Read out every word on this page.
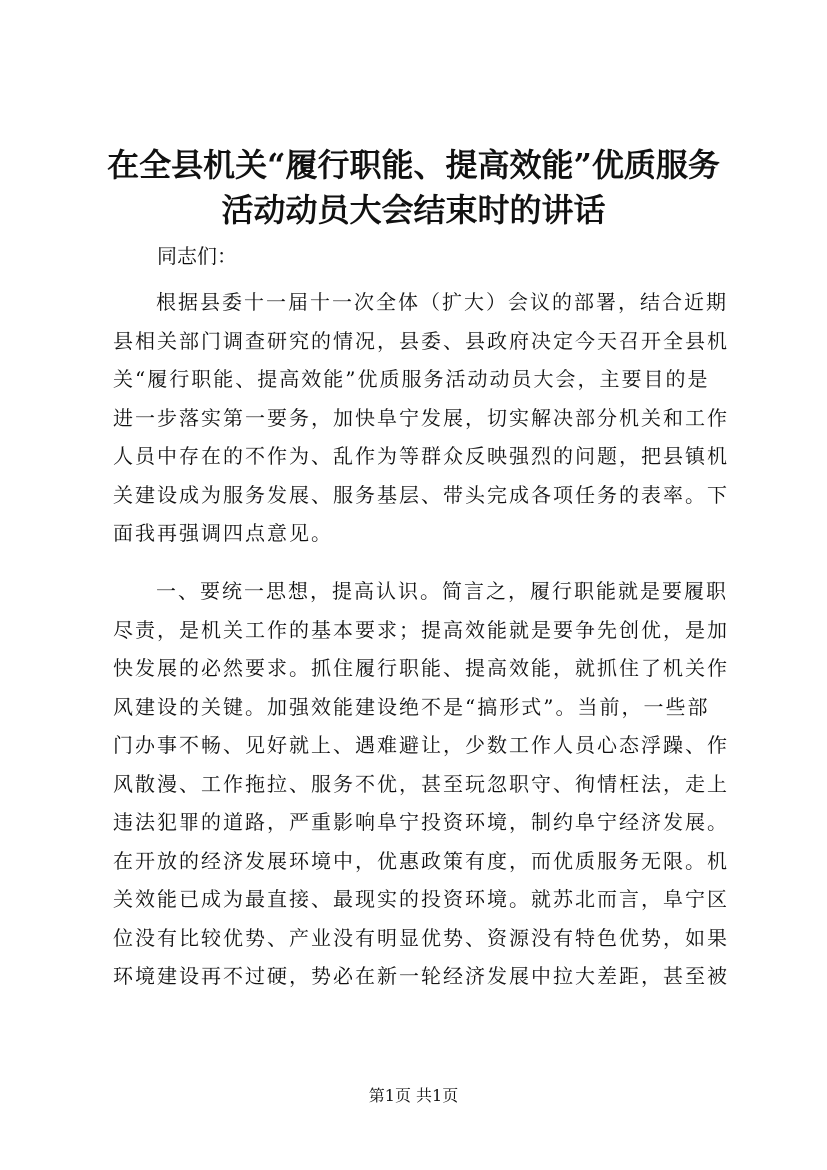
在全县机关“履行职能、提高效能”优质服务
活动动员大会结束时的讲话
同志们：
根据县委十一届十一次全体（扩大）会议的部署，结合近期
县相关部门调查研究的情况，县委、县政府决定今天召开全县机
关“履行职能、提高效能”优质服务活动动员大会，主要目的是
进一步落实第一要务，加快阜宁发展，切实解决部分机关和工作
人员中存在的不作为、乱作为等群众反映强烈的问题，把县镇机
关建设成为服务发展、服务基层、带头完成各项任务的表率。下
面我再强调四点意见。
一、要统一思想，提高认识。简言之，履行职能就是要履职
尽责，是机关工作的基本要求；提高效能就是要争先创优，是加
快发展的必然要求。抓住履行职能、提高效能，就抓住了机关作
风建设的关键。加强效能建设绝不是“搞形式”。当前，一些部
门办事不畅、见好就上、遇难避让，少数工作人员心态浮躁、作
风散漫、工作拖拉、服务不优，甚至玩忽职守、徇情枉法，走上
违法犯罪的道路，严重影响阜宁投资环境，制约阜宁经济发展。
在开放的经济发展环境中，优惠政策有度，而优质服务无限。机
关效能已成为最直接、最现实的投资环境。就苏北而言，阜宁区
位没有比较优势、产业没有明显优势、资源没有特色优势，如果
环境建设再不过硬，势必在新一轮经济发展中拉大差距，甚至被
第1页 共1页
